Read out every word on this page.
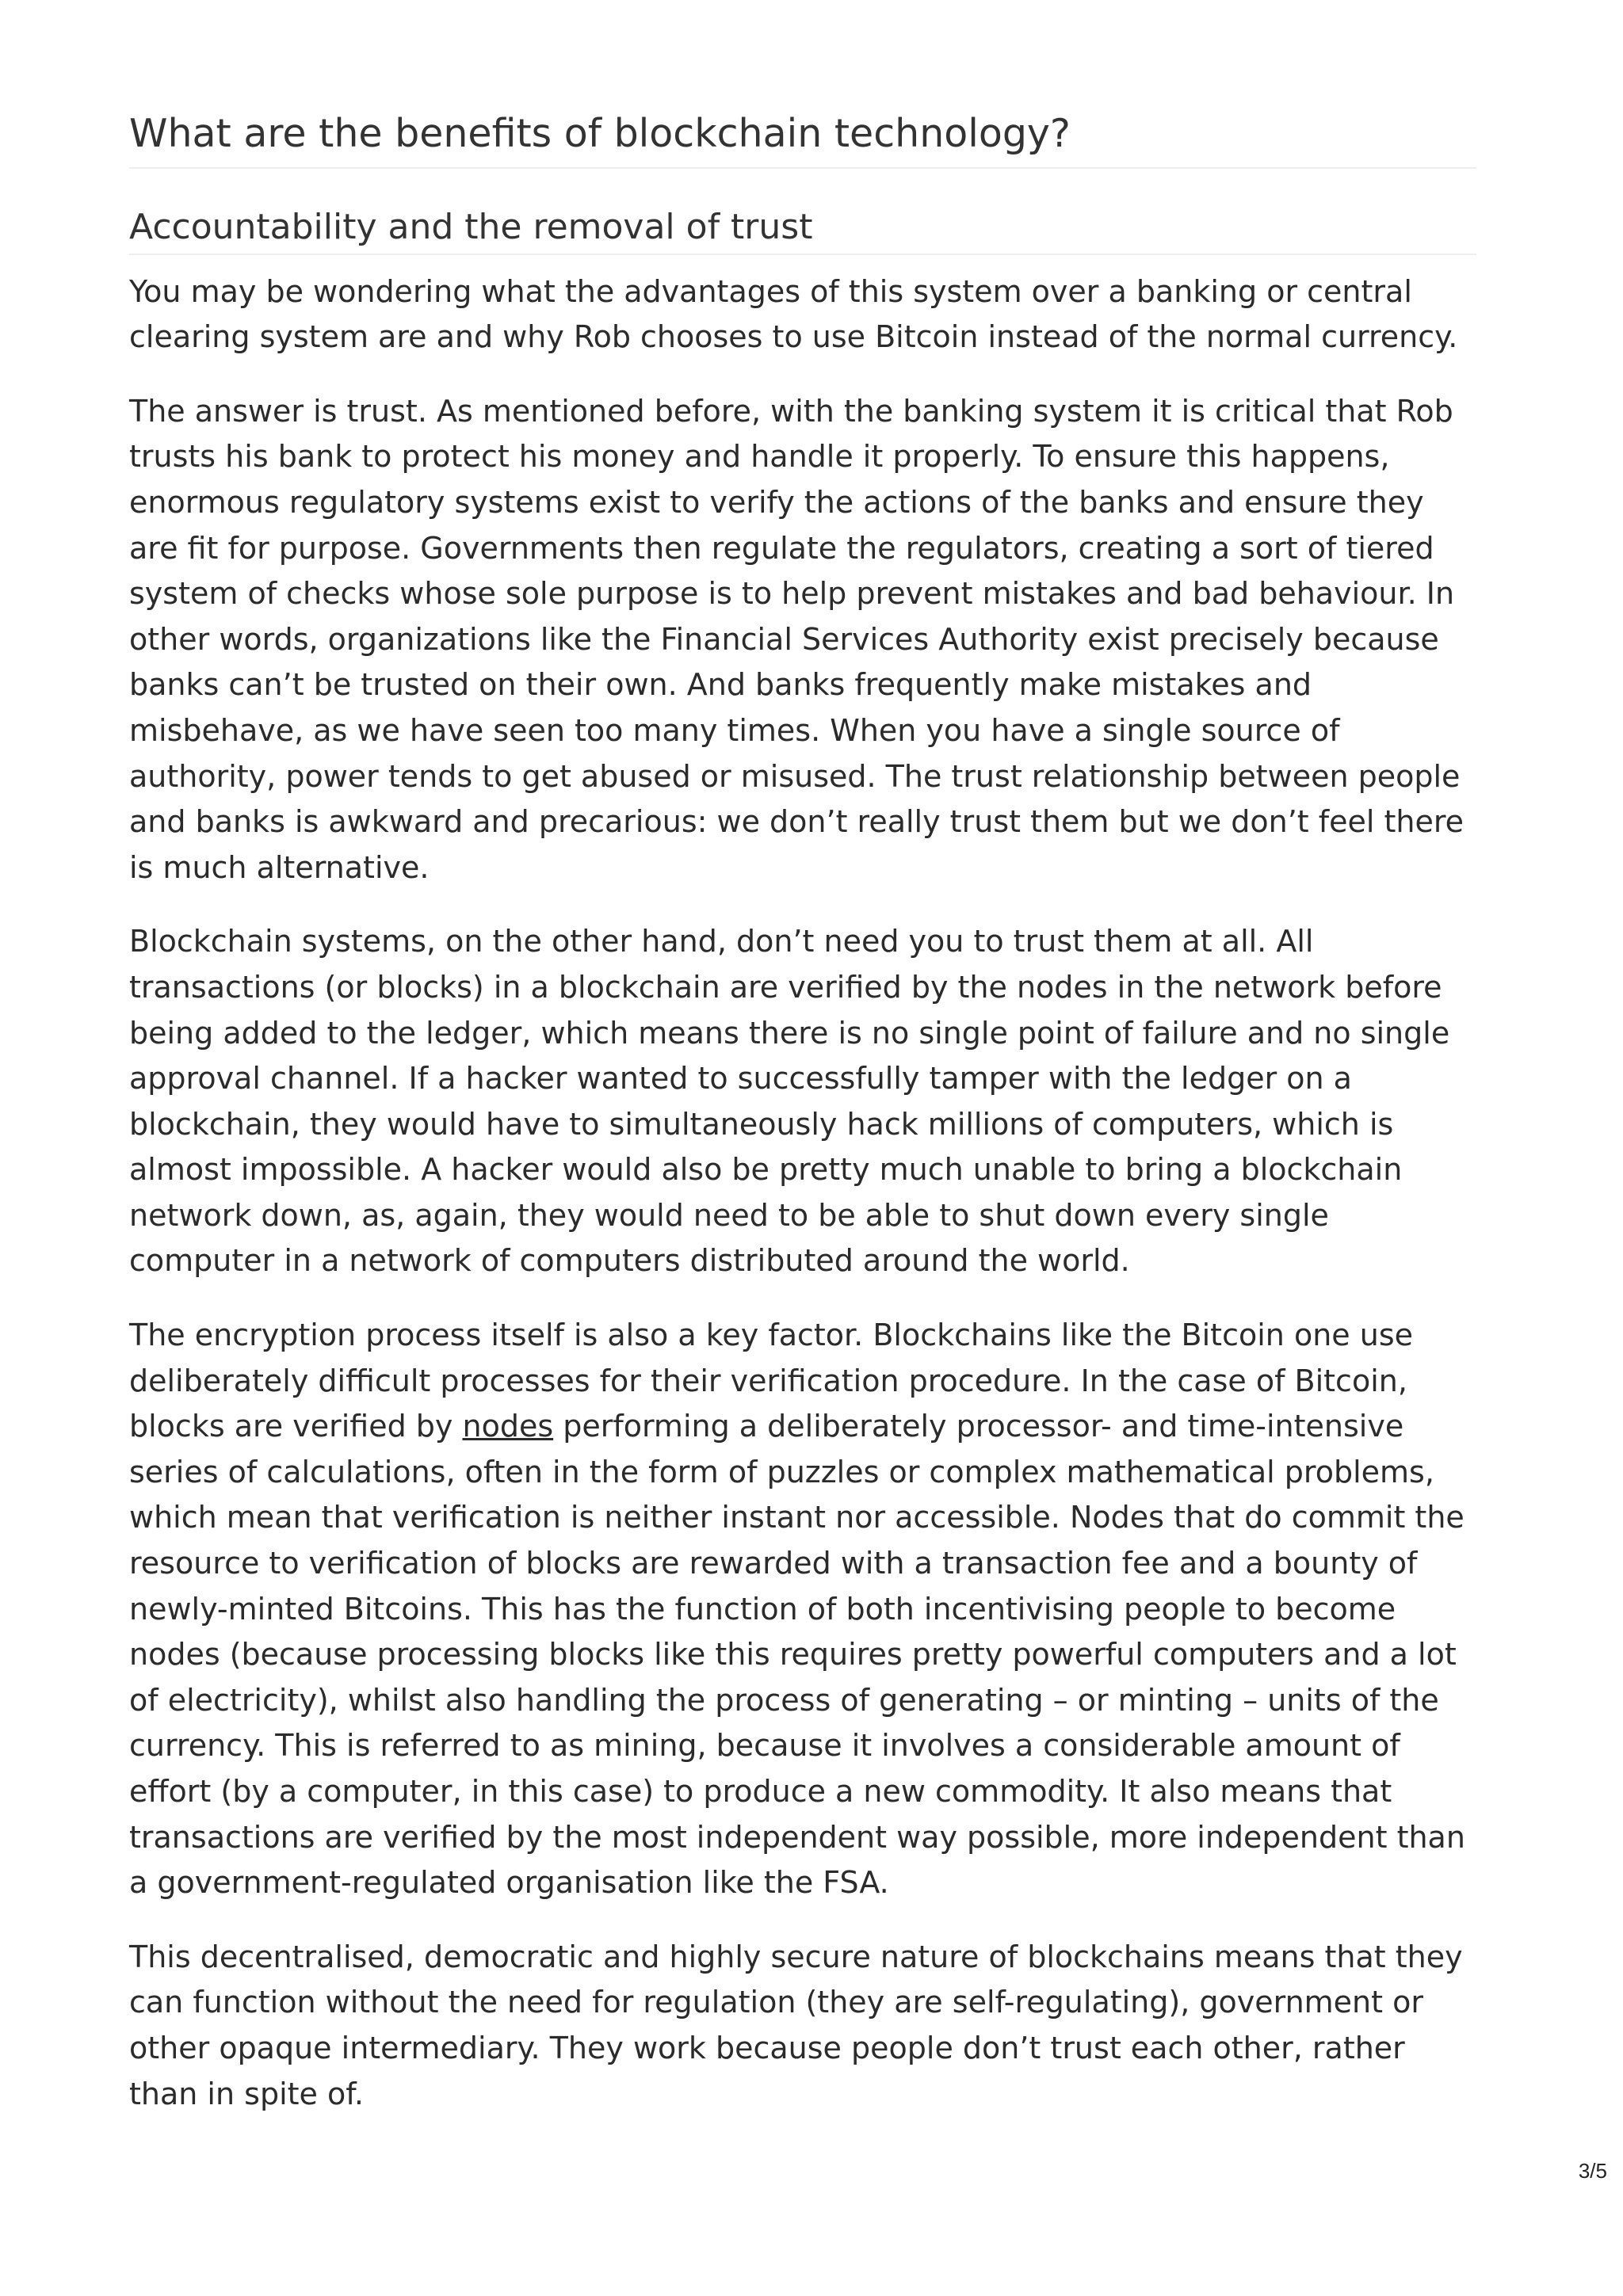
What are the benefits of blockchain technology?
Accountability and the removal of trust

You may be wondering what the advantages of this system over a banking or central clearing system are and why Rob chooses to use Bitcoin instead of the normal currency.

The answer is trust. As mentioned before, with the banking system it is critical that Rob trusts his bank to protect his money and handle it properly. To ensure this happens, enormous regulatory systems exist to verify the actions of the banks and ensure they are fit for purpose. Governments then regulate the regulators, creating a sort of tiered system of checks whose sole purpose is to help prevent mistakes and bad behaviour. In other words, organizations like the Financial Services Authority exist precisely because banks can’t be trusted on their own. And banks frequently make mistakes and misbehave, as we have seen too many times. When you have a single source of authority, power tends to get abused or misused. The trust relationship between people and banks is awkward and precarious: we don’t really trust them but we don’t feel there is much alternative.

Blockchain systems, on the other hand, don’t need you to trust them at all. All transactions (or blocks) in a blockchain are verified by the nodes in the network before being added to the ledger, which means there is no single point of failure and no single approval channel. If a hacker wanted to successfully tamper with the ledger on a blockchain, they would have to simultaneously hack millions of computers, which is almost impossible. A hacker would also be pretty much unable to bring a blockchain network down, as, again, they would need to be able to shut down every single computer in a network of computers distributed around the world.

The encryption process itself is also a key factor. Blockchains like the Bitcoin one use deliberately difficult processes for their verification procedure. In the case of Bitcoin, blocks are verified by nodes performing a deliberately processor- and time-intensive series of calculations, often in the form of puzzles or complex mathematical problems, which mean that verification is neither instant nor accessible. Nodes that do commit the resource to verification of blocks are rewarded with a transaction fee and a bounty of newly-minted Bitcoins. This has the function of both incentivising people to become nodes (because processing blocks like this requires pretty powerful computers and a lot of electricity), whilst also handling the process of generating – or minting – units of the currency. This is referred to as mining, because it involves a considerable amount of effort (by a computer, in this case) to produce a new commodity. It also means that transactions are verified by the most independent way possible, more independent than a government-regulated organisation like the FSA.

This decentralised, democratic and highly secure nature of blockchains means that they can function without the need for regulation (they are self-regulating), government or other opaque intermediary. They work because people don’t trust each other, rather than in spite of.

3/5
